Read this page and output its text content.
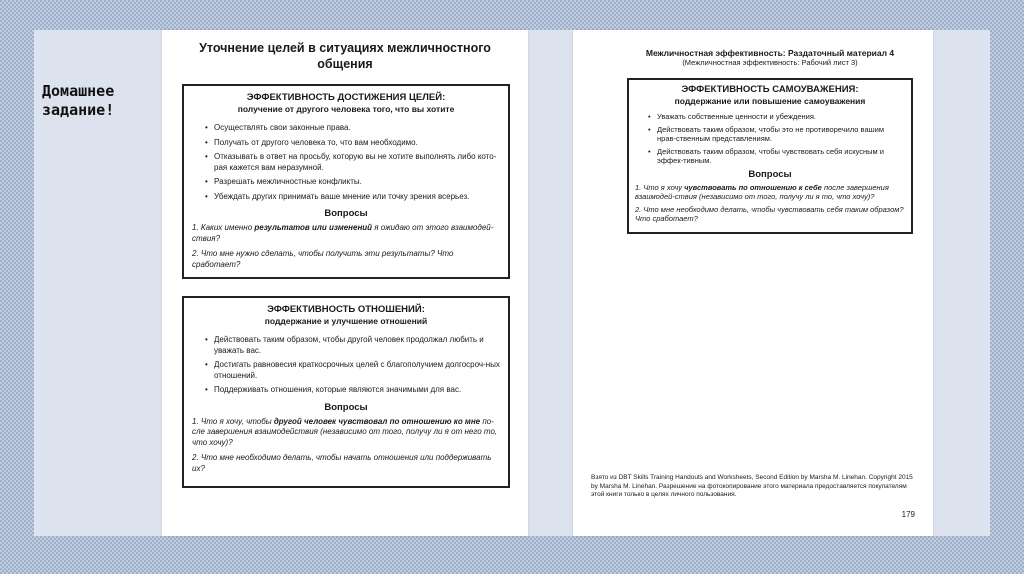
Домашнее задание!
Уточнение целей в ситуациях межличностного общения
ЭФФЕКТИВНОСТЬ ДОСТИЖЕНИЯ ЦЕЛЕЙ:
получение от другого человека того, что вы хотите
• Осуществлять свои законные права.
• Получать от другого человека то, что вам необходимо.
• Отказывать в ответ на просьбу, которую вы не хотите выполнять либо кото-рая кажется вам неразумной.
• Разрешать межличностные конфликты.
• Убеждать других принимать ваше мнение или точку зрения всерьез.
Вопросы
1. Каких именно результатов или изменений я ожидаю от этого взаимодей-ствия?
2. Что мне нужно сделать, чтобы получить эти результаты? Что сработает?
ЭФФЕКТИВНОСТЬ ОТНОШЕНИЙ:
поддержание и улучшение отношений
• Действовать таким образом, чтобы другой человек продолжал любить и уважать вас.
• Достигать равновесия краткосрочных целей с благополучием долгосроч-ных отношений.
• Поддерживать отношения, которые являются значимыми для вас.
Вопросы
1. Что я хочу, чтобы другой человек чувствовал по отношению ко мне по-сле завершения взаимодействия (независимо от того, получу ли я от него то, что хочу)?
2. Что мне необходимо делать, чтобы начать отношения или поддерживать их?
Межличностная эффективность: Раздаточный материал 4
(Межличностная эффективность: Рабочий лист 3)
ЭФФЕКТИВНОСТЬ САМОУВАЖЕНИЯ:
поддержание или повышение самоуважения
• Уважать собственные ценности и убеждения.
• Действовать таким образом, чтобы это не противоречило вашим нрав-ственным представлениям.
• Действовать таким образом, чтобы чувствовать себя искусным и эффек-тивным.
Вопросы
1. Что я хочу чувствовать по отношению к себе после завершения взаимодей-ствия (независимо от того, получу ли я то, что хочу)?
2. Что мне необходимо делать, чтобы чувствовать себя таким образом? Что сработает?
Взято из DBT Skills Training Handouts and Worksheets, Second Edition by Marsha M. Linehan. Copyright 2015 by Marsha M. Linehan. Разрешение на фотокопирование этого материала предоставляется покупателям этой книги только в целях личного пользования.
179
